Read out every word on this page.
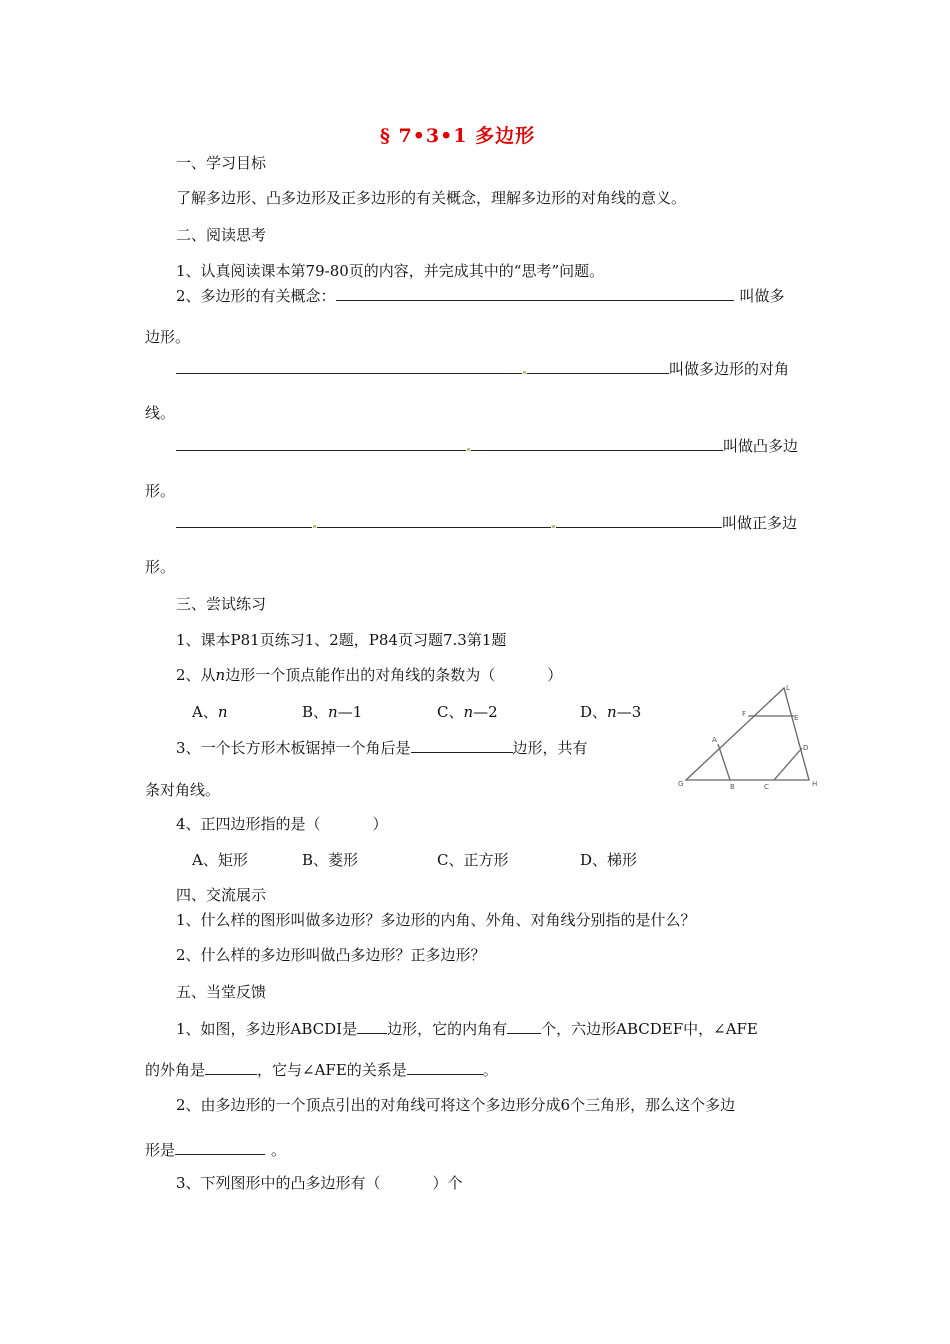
§ 7•3•1 多边形
一、学习目标
了解多边形、凸多边形及正多边形的有关概念，理解多边形的对角线的意义。
二、阅读思考
1、认真阅读课本第79-80页的内容，并完成其中的“思考”问题。
2、多边形的有关概念：	叫做多
边形。
叫做多边形的对角
线。
叫做凸多边
形。
叫做正多边
形。
三、尝试练习
1、课本P81页练习1、2题，P84页习题7.3第1题
2、从n边形一个顶点能作出的对角线的条数为（	）
A、n	B、n—1	C、n—2	D、n—3
3、一个长方形木板锯掉一个角后是	边形，共有
条对角线。
4、正四边形指的是（	）
A、矩形	B、菱形	C、正方形	D、梯形
L
F	E
A
D
G	B	C	H
四、交流展示
1、什么样的图形叫做多边形？多边形的内角、外角、对角线分别指的是什么？
2、什么样的多边形叫做凸多边形？正多边形？
五、当堂反馈
1、如图，多边形ABCDI是 边形，它的内角有 个，六边形ABCDEF中，∠AFE
的外角是	，它与∠AFE的关系是	。
2、由多边形的一个顶点引出的对角线可将这个多边形分成6个三角形，那么这个多边
形是	。
3、下列图形中的凸多边形有（	）个
